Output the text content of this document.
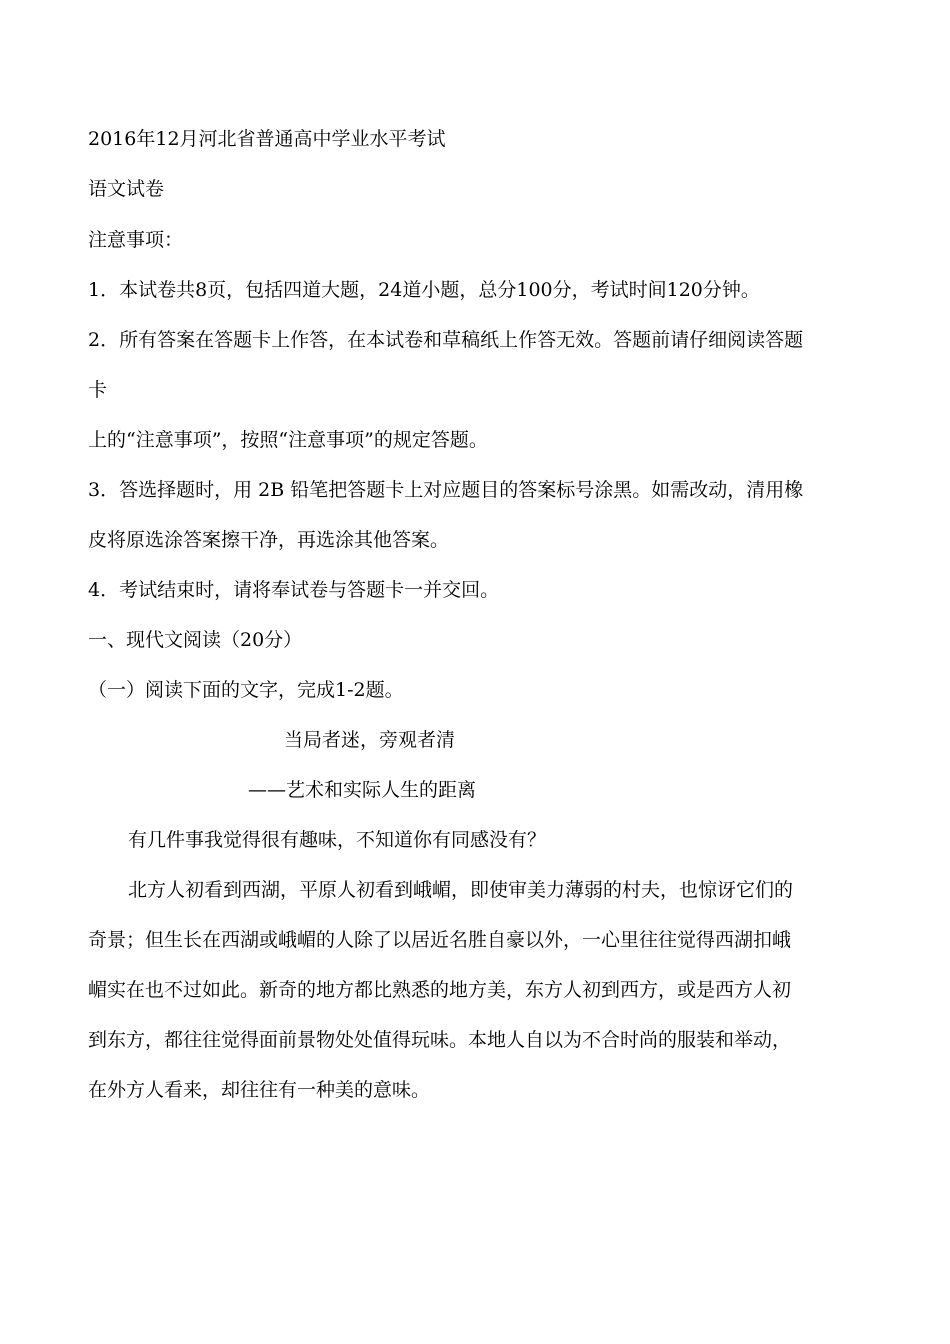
2016年12月河北省普通高中学业水平考试
语文试卷
注意事项：
1．本试卷共8页，包括四道大题，24道小题，总分100分，考试时间120分钟。
2．所有答案在答题卡上作答，在本试卷和草稿纸上作答无效。答题前请仔细阅读答题
卡
上的“注意事项”，按照“注意事项”的规定答题。
3．答选择题时，用 2B 铅笔把答题卡上对应题目的答案标号涂黑。如需改动，清用橡
皮将原选涂答案擦干净，再选涂其他答案。
4．考试结束时，请将奉试卷与答题卡一并交回。
一、现代文阅读（20分）
（一）阅读下面的文字，完成1-2题。
当局者迷，旁观者清
——艺术和实际人生的距离
有几件事我觉得很有趣味，不知道你有同感没有？
北方人初看到西湖，平原人初看到峨嵋，即使审美力薄弱的村夫，也惊讶它们的
奇景；但生长在西湖或峨嵋的人除了以居近名胜自豪以外，一心里往往觉得西湖扣峨
嵋实在也不过如此。新奇的地方都比熟悉的地方美，东方人初到西方，或是西方人初
到东方，都往往觉得面前景物处处值得玩味。本地人自以为不合时尚的服装和举动，
在外方人看来，却往往有一种美的意味。
